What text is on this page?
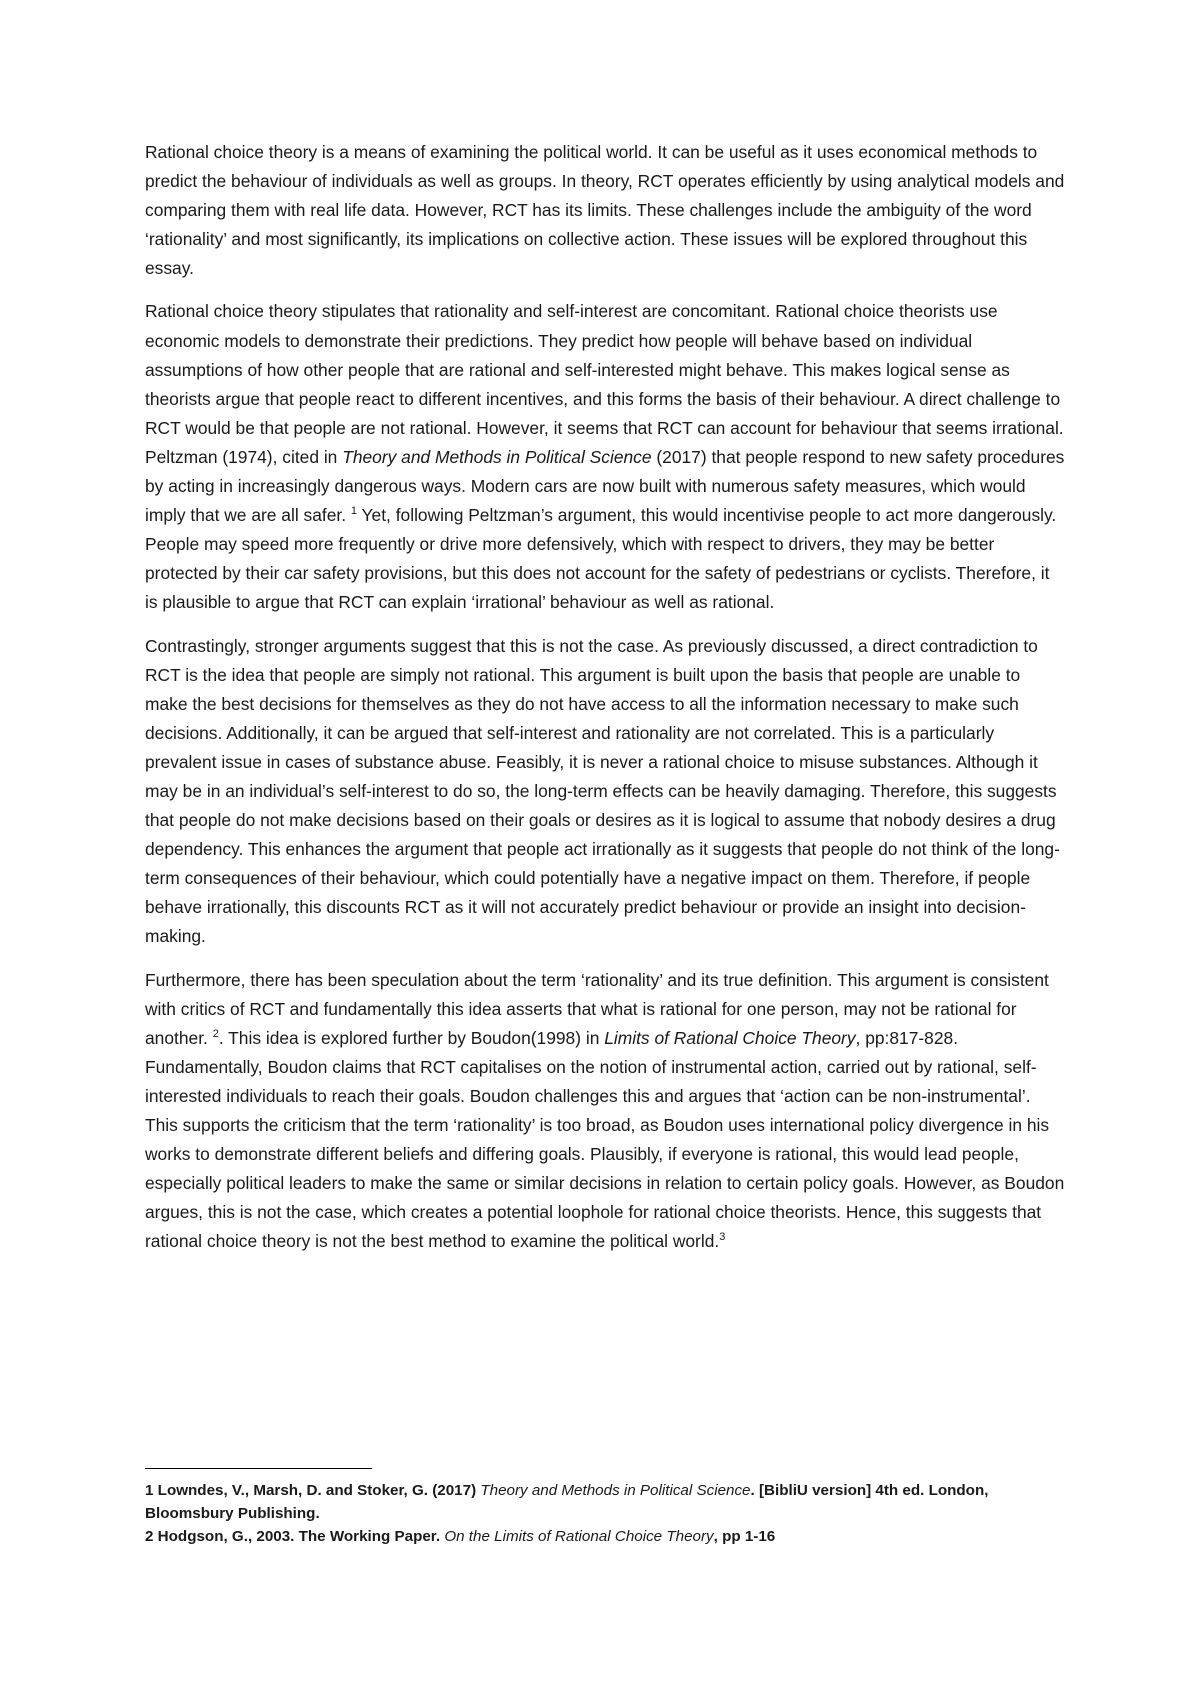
Rational choice theory is a means of examining the political world. It can be useful as it uses economical methods to predict the behaviour of individuals as well as groups. In theory, RCT operates efficiently by using analytical models and comparing them with real life data. However, RCT has its limits. These challenges include the ambiguity of the word ‘rationality’ and most significantly, its implications on collective action. These issues will be explored throughout this essay.

Rational choice theory stipulates that rationality and self-interest are concomitant. Rational choice theorists use economic models to demonstrate their predictions. They predict how people will behave based on individual assumptions of how other people that are rational and self-interested might behave. This makes logical sense as theorists argue that people react to different incentives, and this forms the basis of their behaviour. A direct challenge to RCT would be that people are not rational. However, it seems that RCT can account for behaviour that seems irrational. Peltzman (1974), cited in Theory and Methods in Political Science (2017) that people respond to new safety procedures by acting in increasingly dangerous ways. Modern cars are now built with numerous safety measures, which would imply that we are all safer. $^1$ Yet, following Peltzman’s argument, this would incentivise people to act more dangerously. People may speed more frequently or drive more defensively, which with respect to drivers, they may be better protected by their car safety provisions, but this does not account for the safety of pedestrians or cyclists. Therefore, it is plausible to argue that RCT can explain ‘irrational’ behaviour as well as rational.

Contrastingly, stronger arguments suggest that this is not the case. As previously discussed, a direct contradiction to RCT is the idea that people are simply not rational. This argument is built upon the basis that people are unable to make the best decisions for themselves as they do not have access to all the information necessary to make such decisions. Additionally, it can be argued that self-interest and rationality are not correlated. This is a particularly prevalent issue in cases of substance abuse. Feasibly, it is never a rational choice to misuse substances. Although it may be in an individual’s self-interest to do so, the long-term effects can be heavily damaging. Therefore, this suggests that people do not make decisions based on their goals or desires as it is logical to assume that nobody desires a drug dependency. This enhances the argument that people act irrationally as it suggests that people do not think of the long-term consequences of their behaviour, which could potentially have a negative impact on them. Therefore, if people behave irrationally, this discounts RCT as it will not accurately predict behaviour or provide an insight into decision-making.

Furthermore, there has been speculation about the term ‘rationality’ and its true definition. This argument is consistent with critics of RCT and fundamentally this idea asserts that what is rational for one person, may not be rational for another. $^2$. This idea is explored further by Boudon(1998) in Limits of Rational Choice Theory, pp:817-828. Fundamentally, Boudon claims that RCT capitalises on the notion of instrumental action, carried out by rational, self-interested individuals to reach their goals. Boudon challenges this and argues that ‘action can be non-instrumental’. This supports the criticism that the term ‘rationality’ is too broad, as Boudon uses international policy divergence in his works to demonstrate different beliefs and differing goals. Plausibly, if everyone is rational, this would lead people, especially political leaders to make the same or similar decisions in relation to certain policy goals. However, as Boudon argues, this is not the case, which creates a potential loophole for rational choice theorists. Hence, this suggests that rational choice theory is not the best method to examine the political world.$^3$

1 Lowndes, V., Marsh, D. and Stoker, G. (2017) Theory and Methods in Political Science. [BibliU version] 4th ed. London, Bloomsbury Publishing.

2 Hodgson, G., 2003. The Working Paper. On the Limits of Rational Choice Theory, pp 1-16
